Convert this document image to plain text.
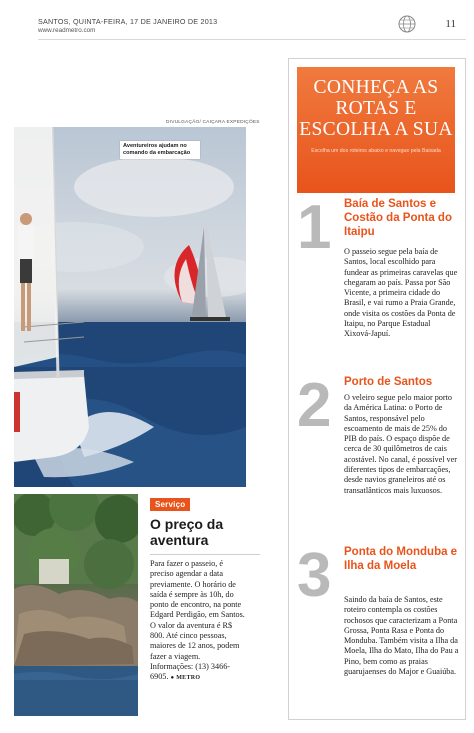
SANTOS, QUINTA-FEIRA, 17 DE JANEIRO DE 2013
www.readmetro.com
11
DIVULGAÇÃO/ CAIÇARA EXPEDIÇÕES
Aventureiros ajudam no comando da embarcação
Serviço
O preço da aventura
Para fazer o passeio, é preciso agendar a data previamente. O horário de saída é sempre às 10h, do ponto de encontro, na ponte Edgard Perdigão, em Santos. O valor da aventura é R$ 800. Até cinco pessoas, maiores de 12 anos, podem fazer a viagem. Informações: (13) 3466-6905. ● METRO
CONHEÇA AS ROTAS E ESCOLHA A SUA
Escolha um dos roteiros abaixo e navegue pela Baixada
1 Baía de Santos e Costão da Ponta do Itaipu
O passeio segue pela baía de Santos, local escolhido para fundear as primeiras caravelas que chegaram ao país. Passa por São Vicente, a primeira cidade do Brasil, e vai rumo a Praia Grande, onde visita os costões da Ponta de Itaipu, no Parque Estadual Xixová-Japuí.
2 Porto de Santos
O veleiro segue pelo maior porto da América Latina: o Porto de Santos, responsável pelo escoamento de mais de 25% do PIB do país. O espaço dispõe de cerca de 30 quilômetros de cais acostável. No canal, é possível ver diferentes tipos de embarcações, desde navios graneleiros até os transatlânticos mais luxuosos.
3 Ponta do Monduba e Ilha da Moela
Saindo da baía de Santos, este roteiro contempla os costões rochosos que caracterizam a Ponta Grossa, Ponta Rasa e Ponta do Monduba. Também visita a Ilha da Moela, Ilha do Mato, Ilha do Pau a Pino, bem como as praias guarujaenses do Major e Guaiúba.
